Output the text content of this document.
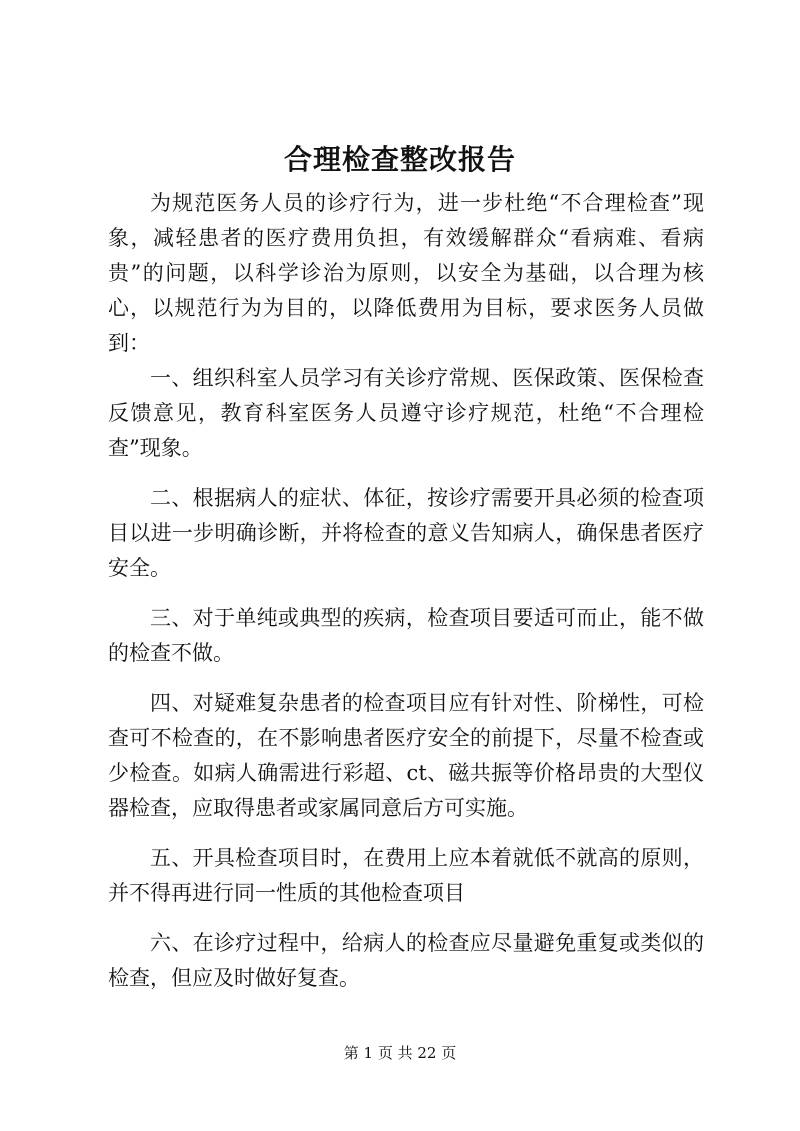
合理检查整改报告

为规范医务人员的诊疗行为，进一步杜绝“不合理检查”现象，减轻患者的医疗费用负担，有效缓解群众“看病难、看病贵”的问题，以科学诊治为原则，以安全为基础，以合理为核心，以规范行为为目的，以降低费用为目标，要求医务人员做到：

一、组织科室人员学习有关诊疗常规、医保政策、医保检查反馈意见，教育科室医务人员遵守诊疗规范，杜绝“不合理检查”现象。

二、根据病人的症状、体征，按诊疗需要开具必须的检查项目以进一步明确诊断，并将检查的意义告知病人，确保患者医疗安全。

三、对于单纯或典型的疾病，检查项目要适可而止，能不做的检查不做。

四、对疑难复杂患者的检查项目应有针对性、阶梯性，可检查可不检查的，在不影响患者医疗安全的前提下，尽量不检查或少检查。如病人确需进行彩超、ct、磁共振等价格昂贵的大型仪器检查，应取得患者或家属同意后方可实施。

五、开具检查项目时，在费用上应本着就低不就高的原则，并不得再进行同一性质的其他检查项目

六、在诊疗过程中，给病人的检查应尽量避免重复或类似的检查，但应及时做好复查。

第 1 页 共 22 页
